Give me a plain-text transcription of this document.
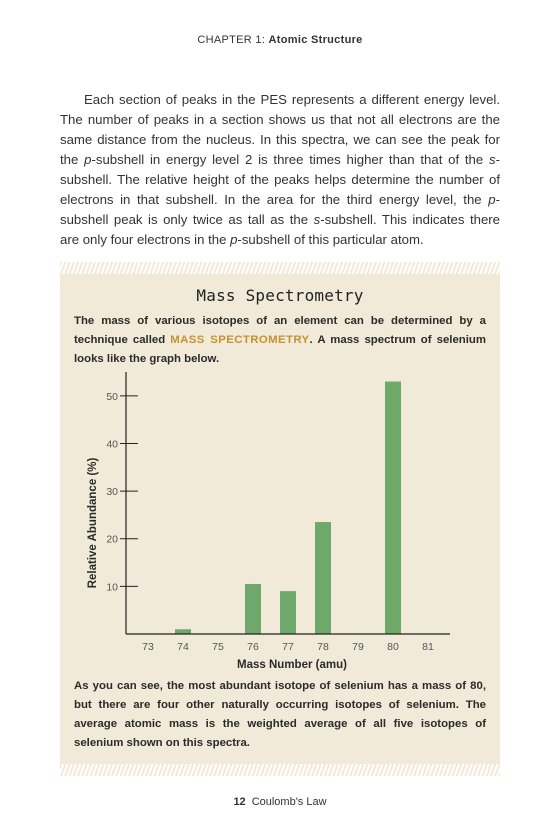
CHAPTER 1: Atomic Structure
Each section of peaks in the PES represents a different energy level. The number of peaks in a section shows us that not all electrons are the same distance from the nucleus. In this spectra, we can see the peak for the p-subshell in energy level 2 is three times higher than that of the s-subshell. The relative height of the peaks helps determine the number of electrons in that subshell. In the area for the third energy level, the p-subshell peak is only twice as tall as the s-subshell. This indicates there are only four electrons in the p-subshell of this particular atom.
Mass Spectrometry
The mass of various isotopes of an element can be determined by a technique called MASS SPECTROMETRY. A mass spectrum of selenium looks like the graph below.
10
20
30
40
50
73 74 75 76 77 78 79 80 81
Mass Number (amu)
Relative Abundance (%)
As you can see, the most abundant isotope of selenium has a mass of 80, but there are four other naturally occurring isotopes of selenium. The average atomic mass is the weighted average of all five isotopes of selenium shown on this spectra.
12 Coulomb's Law
